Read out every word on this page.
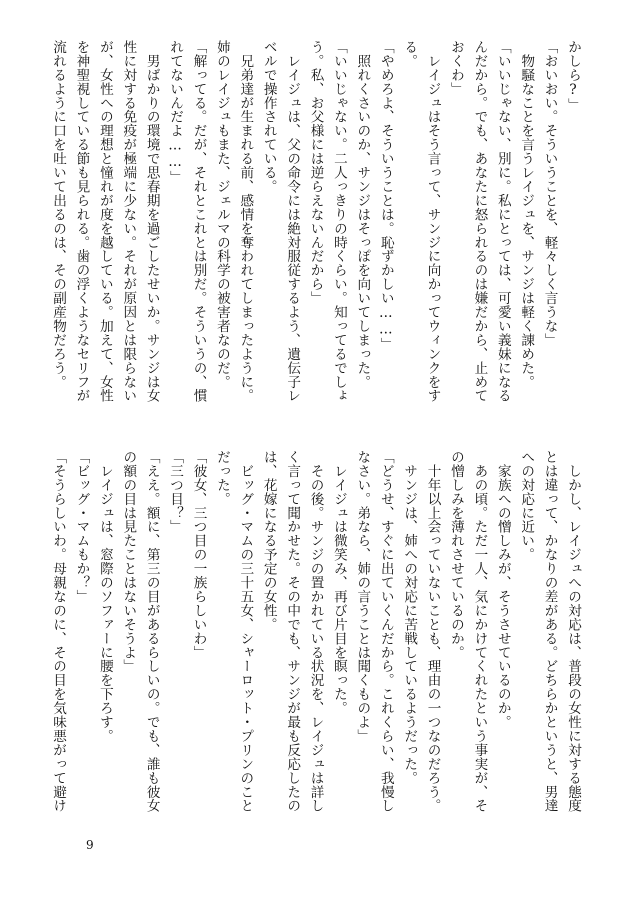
かしら?」
「おいおい。そういうことを、軽々しく言うな」
　物騒なことを言うレイジュを、サンジは軽く諌めた。
「いいじゃない、別に。私にとっては、可愛い義妹になる
んだから。でも、あなたに怒られるのは嫌だから、止めて
おくわ」
　レイジュはそう言って、サンジに向かってウィンクをす
る。
「やめろよ、そういうことは。恥ずかしい……」
　照れくさいのか、サンジはそっぽを向いてしまった。
「いいじゃない。二人っきりの時くらい。知ってるでしょ
う。私、お父様には逆らえないんだから」
　レイジュは、父の命令には絶対服従するよう、遺伝子レ
ベルで操作されている。
　兄弟達が生まれる前、感情を奪われてしまったように。
姉のレイジュもまた、ジェルマの科学の被害者なのだ。
「解ってる。だが、それとこれとは別だ。そういうの、慣
れてないんだよ……」
　男ばかりの環境で思春期を過ごしたせいか。サンジは女
性に対する免疫が極端に少ない。それが原因とは限らない
が、女性への理想と憧れが度を越している。加えて、女性
を神聖視している節も見られる。歯の浮くようなセリフが
流れるように口を吐いて出るのは、その副産物だろう。
　しかし、レイジュへの対応は、普段の女性に対する態度
とは違って、かなりの差がある。どちらかというと、男達
への対応に近い。
　家族への憎しみが、そうさせているのか。
　あの頃。ただ一人、気にかけてくれたという事実が、そ
の憎しみを薄れさせているのか。
　十年以上会っていないことも、理由の一つなのだろう。
　サンジは、姉への対応に苦戦しているようだった。
「どうせ、すぐに出ていくんだから。これくらい、我慢し
なさい。弟なら、姉の言うことは聞くものよ」
　レイジュは微笑み、再び片目を瞑った。
　その後。サンジの置かれている状況を、レイジュは詳し
く言って聞かせた。その中でも、サンジが最も反応したの
は、花嫁になる予定の女性。
　ビッグ・マムの三十五女、シャーロット・プリンのこと
だった。
「彼女、三つ目の一族らしいわ」
「三つ目？」
「ええ。額に、第三の目があるらしいの。でも、誰も彼女
の額の目は見たことはないそうよ」
　レイジュは、窓際のソファーに腰を下ろす。
「ビッグ・マムもか？」
「そうらしいわ。母親なのに、その目を気味悪がって避け
9
